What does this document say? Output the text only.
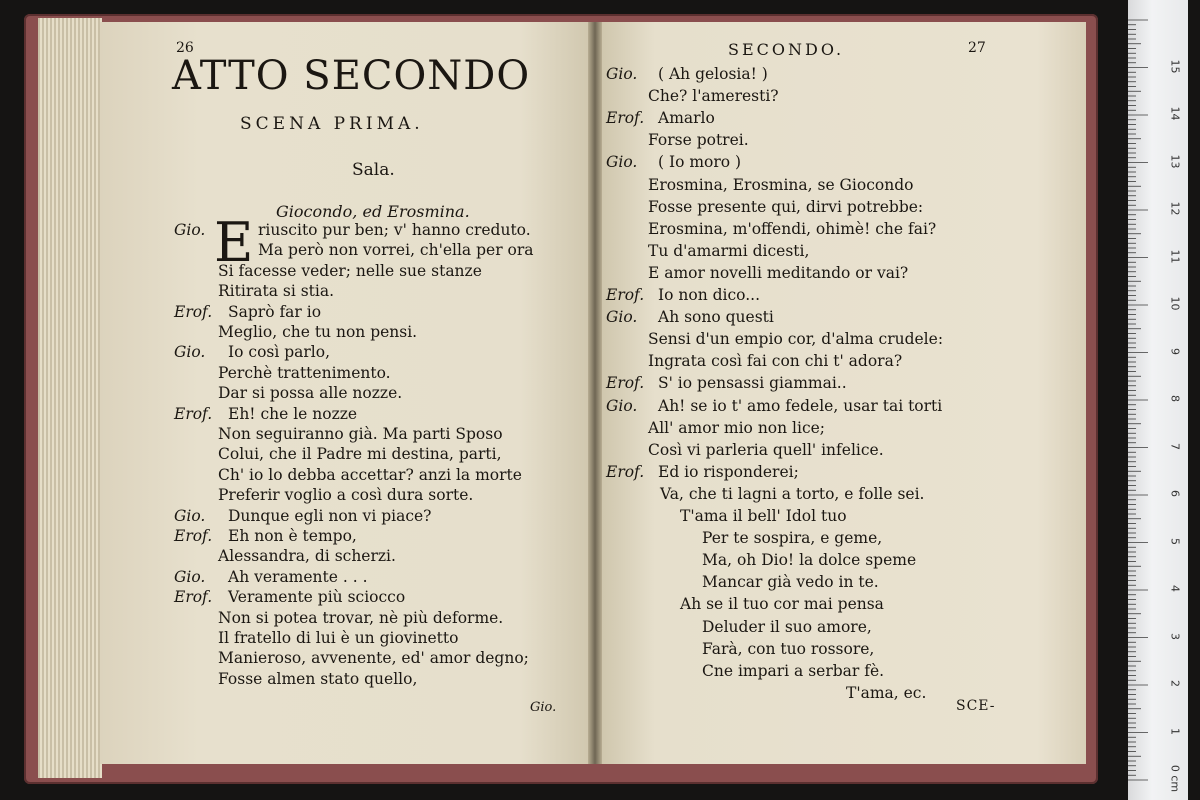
26
ATTO SECONDO
SCENA PRIMA.
Sala.
Giocondo, ed Erosmina.
E
Gio.	riuscito pur ben; v' hanno creduto.
Ma però non vorrei, ch'ella per ora
Si facesse veder; nelle sue stanze
Ritirata si stia.
Erof. Saprò far io
Meglio, che tu non pensi.
Gio. Io così parlo,
Perchè trattenimento.
Dar si possa alle nozze.
Erof. Eh! che le nozze
Non seguiranno già. Ma parti Sposo
Colui, che il Padre mi destina, parti,
Ch' io lo debba accettar? anzi la morte
Preferir voglio a così dura sorte.
Gio. Dunque egli non vi piace?
Erof. Eh non è tempo,
Alessandra, di scherzi.
Gio. Ah veramente . . .
Erof. Veramente più sciocco
Non si potea trovar, nè più deforme.
Il fratello di lui è un giovinetto
Manieroso, avvenente, ed' amor degno;
Fosse almen stato quello,
Gio.
SECONDO.	27
Gio. ( Ah gelosia! )
Che? l'ameresti?
Erof. Amarlo
Forse potrei.
Gio. ( Io moro )
Erosmina, Erosmina, se Giocondo
Fosse presente qui, dirvi potrebbe:
Erosmina, m'offendi, ohimè! che fai?
Tu d'amarmi dicesti,
E amor novelli meditando or vai?
Erof. Io non dico...
Gio. Ah sono questi
Sensi d'un empio cor, d'alma crudele:
Ingrata così fai con chi t' adora?
Erof. S' io pensassi giammai..
Gio. Ah! se io t' amo fedele, usar tai torti
All' amor mio non lice;
Così vi parleria quell' infelice.
Erof. Ed io risponderei;
Va, che ti lagni a torto, e folle sei.
T'ama il bell' Idol tuo
Per te sospira, e geme,
Ma, oh Dio! la dolce speme
Mancar già vedo in te.
Ah se il tuo cor mai pensa
Deluder il suo amore,
Farà, con tuo rossore,
Cne impari a serbar fè.
T'ama, ec.
SCE-
0 cm
1
2
3
4
5
6
7
8
9
10
11
12
13
14
15
